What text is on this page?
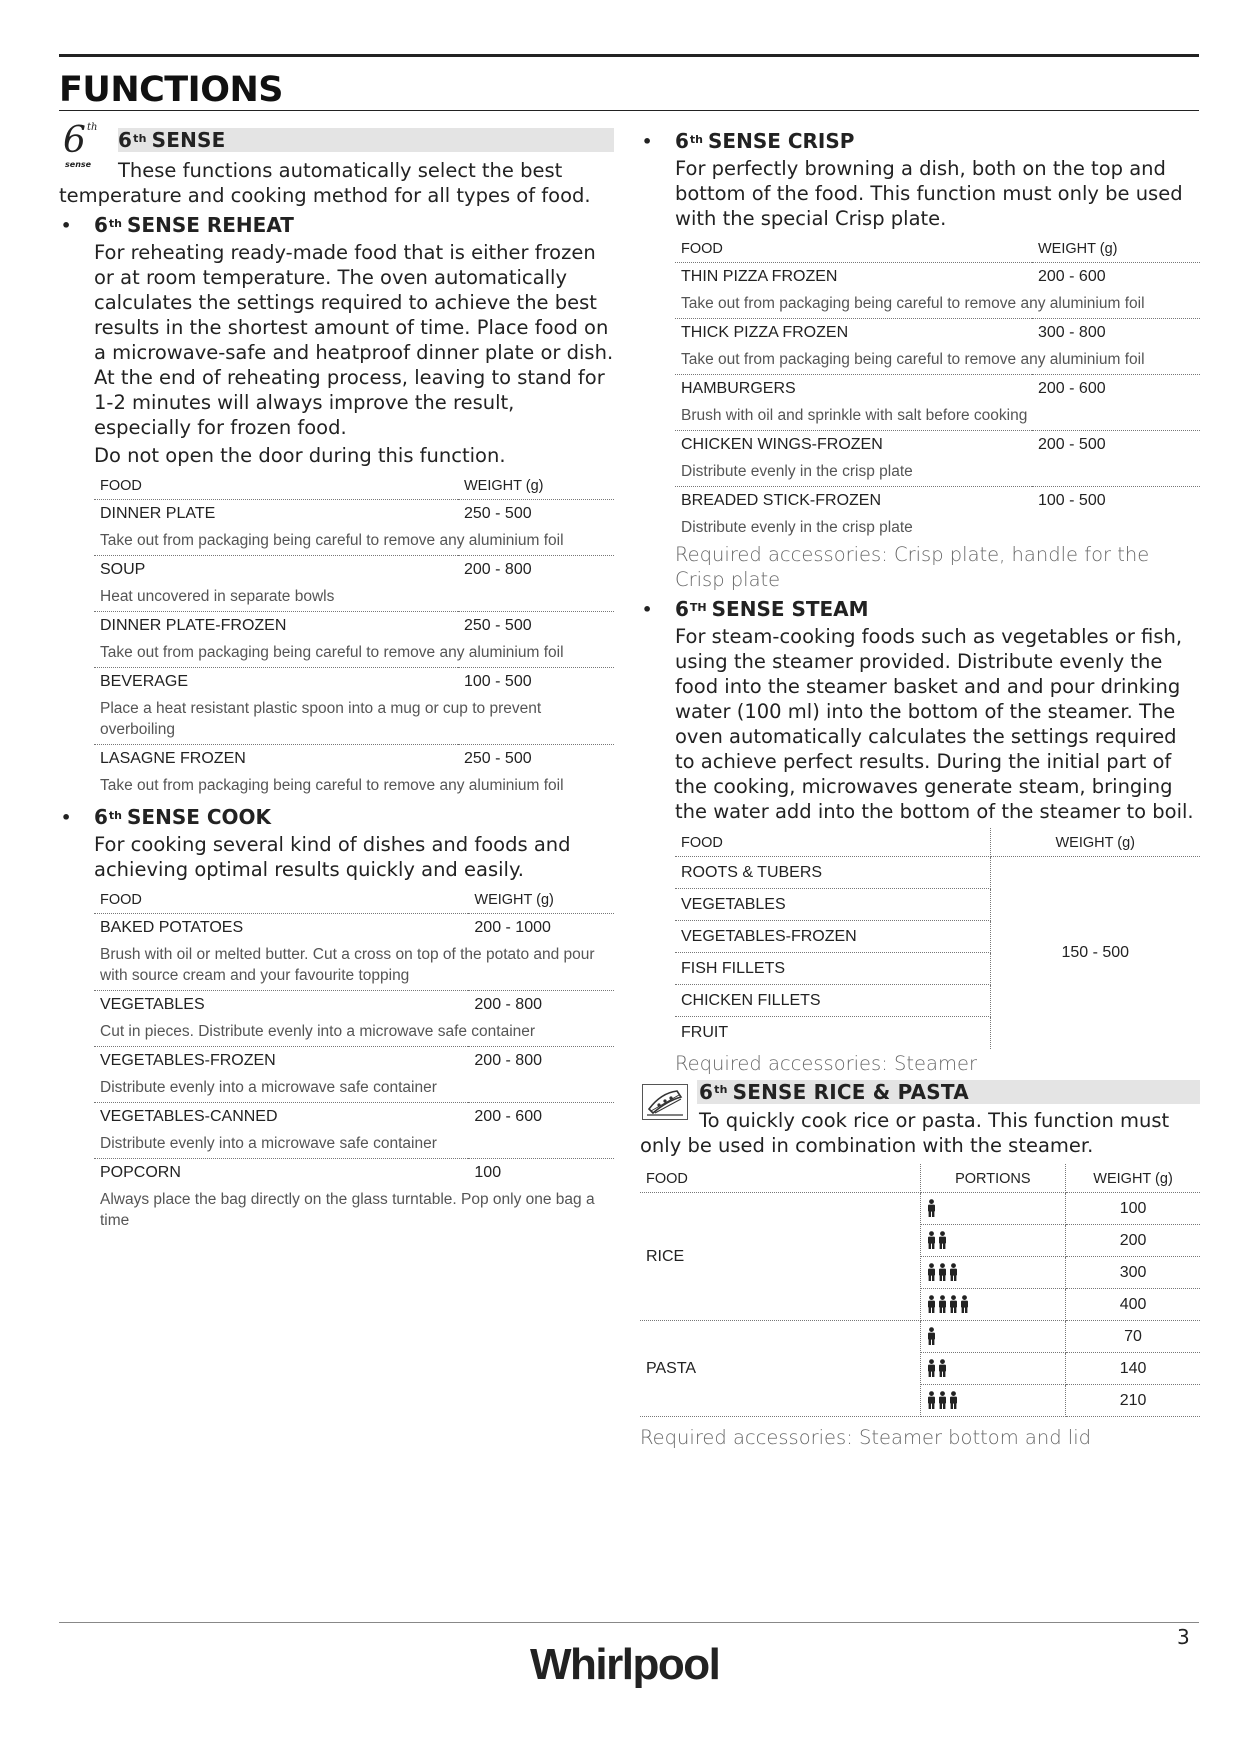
FUNCTIONS
6 th
sense
6th SENSE
These functions automatically select the best
temperature and cooking method for all types of food.
•	6th SENSE REHEAT
For reheating ready-made food that is either frozen or at room temperature. The oven automatically calculates the settings required to achieve the best results in the shortest amount of time. Place food on a microwave-safe and heatproof dinner plate or dish. At the end of reheating process, leaving to stand for 1-2 minutes will always improve the result, especially for frozen food.
Do not open the door during this function.
FOOD	WEIGHT (g)
DINNER PLATE	250 - 500
Take out from packaging being careful to remove any aluminium foil	
SOUP	200 - 800
Heat uncovered in separate bowls	
DINNER PLATE-FROZEN	250 - 500
Take out from packaging being careful to remove any aluminium foil	
BEVERAGE	100 - 500
Place a heat resistant plastic spoon into a mug or cup to prevent overboiling	
LASAGNE FROZEN	250 - 500
Take out from packaging being careful to remove any aluminium foil	
•	6th SENSE COOK
For cooking several kind of dishes and foods and achieving optimal results quickly and easily.
FOOD	WEIGHT (g)
BAKED POTATOES	200 - 1000
Brush with oil or melted butter. Cut a cross on top of the potato and pour with source cream and your favourite topping	
VEGETABLES	200 - 800
Cut in pieces. Distribute evenly into a microwave safe container	
VEGETABLES-FROZEN	200 - 800
Distribute evenly into a microwave safe container	
VEGETABLES-CANNED	200 - 600
Distribute evenly into a microwave safe container	
POPCORN	100
Always place the bag directly on the glass turntable. Pop only one bag a time	
•	6th SENSE CRISP
For perfectly browning a dish, both on the top and bottom of the food. This function must only be used with the special Crisp plate.
FOOD	WEIGHT (g)
THIN PIZZA FROZEN	200 - 600
Take out from packaging being careful to remove any aluminium foil	
THICK PIZZA FROZEN	300 - 800
Take out from packaging being careful to remove any aluminium foil	
HAMBURGERS	200 - 600
Brush with oil and sprinkle with salt before cooking	
CHICKEN WINGS-FROZEN	200 - 500
Distribute evenly in the crisp plate	
BREADED STICK-FROZEN	100 - 500
Distribute evenly in the crisp plate	
Required accessories: Crisp plate, handle for the Crisp plate
•	6TH SENSE STEAM
For steam-cooking foods such as vegetables or fish, using the steamer provided. Distribute evenly the food into the steamer basket and and pour drinking water (100 ml) into the bottom of the steamer. The oven automatically calculates the settings required to achieve perfect results. During the initial part of the cooking, microwaves generate steam, bringing the water add into the bottom of the steamer to boil.
FOOD	WEIGHT (g)
ROOTS & TUBERS	150 - 500
VEGETABLES	
VEGETABLES-FROZEN	
FISH FILLETS	
CHICKEN FILLETS	
FRUIT	
Required accessories: Steamer
6th SENSE RICE & PASTA
To quickly cook rice or pasta. This function must
only be used in combination with the steamer.
FOOD	PORTIONS	WEIGHT (g)
RICE		100
	200
	300
	400
PASTA		70
	140
	210
Required accessories: Steamer bottom and lid
3
Whirlpool
